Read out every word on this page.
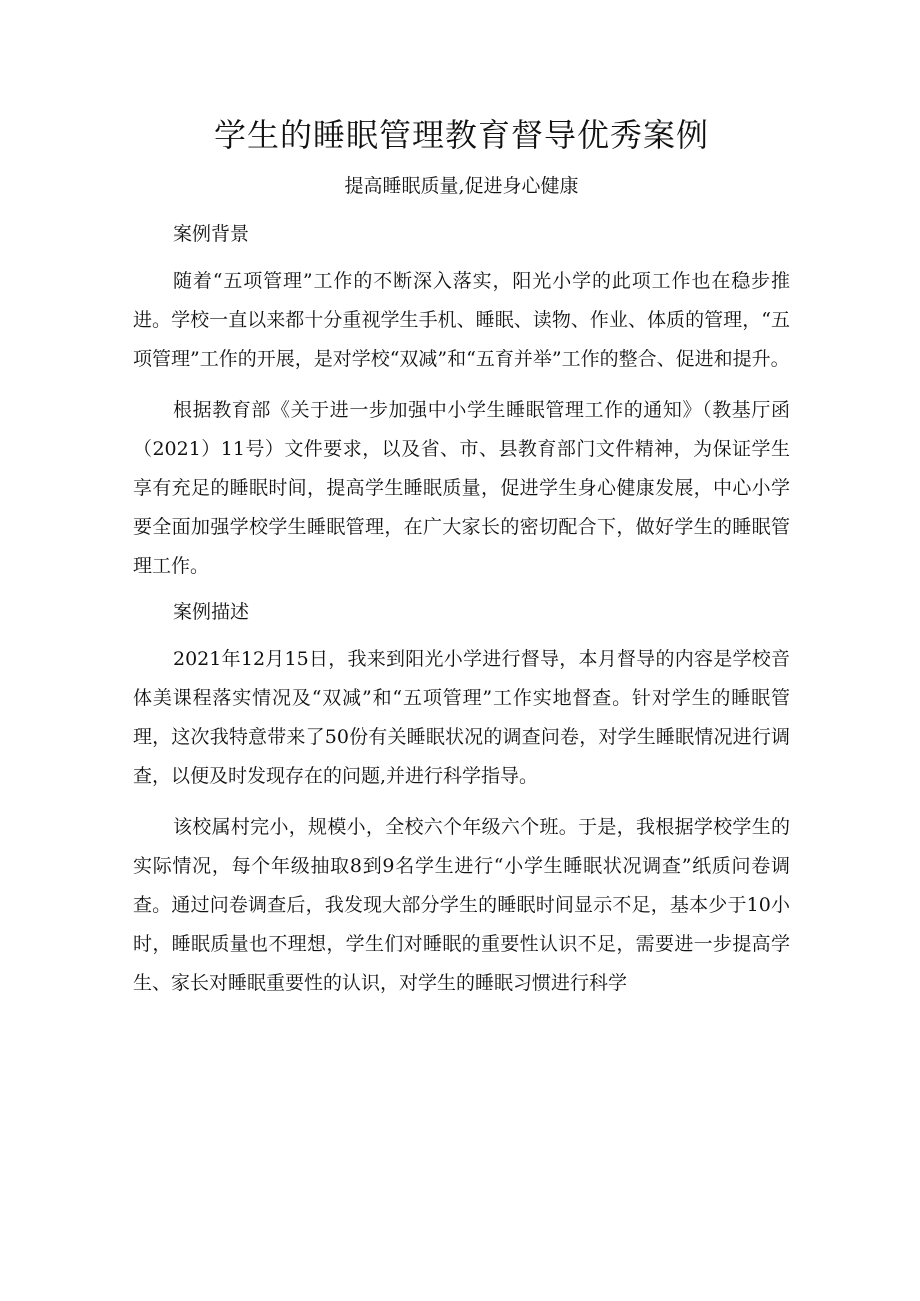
学生的睡眠管理教育督导优秀案例
提高睡眠质量,促进身心健康
案例背景

随着“五项管理”工作的不断深入落实，阳光小学的此项工作也在稳步推进。学校一直以来都十分重视学生手机、睡眠、读物、作业、体质的管理，“五项管理”工作的开展，是对学校“双减”和“五育并举”工作的整合、促进和提升。

根据教育部《关于进一步加强中小学生睡眠管理工作的通知》（教基厅函（2021）11号）文件要求，以及省、市、县教育部门文件精神，为保证学生享有充足的睡眠时间，提高学生睡眠质量，促进学生身心健康发展，中心小学要全面加强学校学生睡眠管理，在广大家长的密切配合下，做好学生的睡眠管理工作。

案例描述

2021年12月15日，我来到阳光小学进行督导，本月督导的内容是学校音体美课程落实情况及“双减”和“五项管理”工作实地督查。针对学生的睡眠管理，这次我特意带来了50份有关睡眠状况的调查问卷，对学生睡眠情况进行调查，以便及时发现存在的问题,并进行科学指导。

该校属村完小，规模小，全校六个年级六个班。于是，我根据学校学生的实际情况，每个年级抽取8到9名学生进行“小学生睡眠状况调查”纸质问卷调查。通过问卷调查后，我发现大部分学生的睡眠时间显示不足，基本少于10小时，睡眠质量也不理想，学生们对睡眠的重要性认识不足，需要进一步提高学生、家长对睡眠重要性的认识，对学生的睡眠习惯进行科学
